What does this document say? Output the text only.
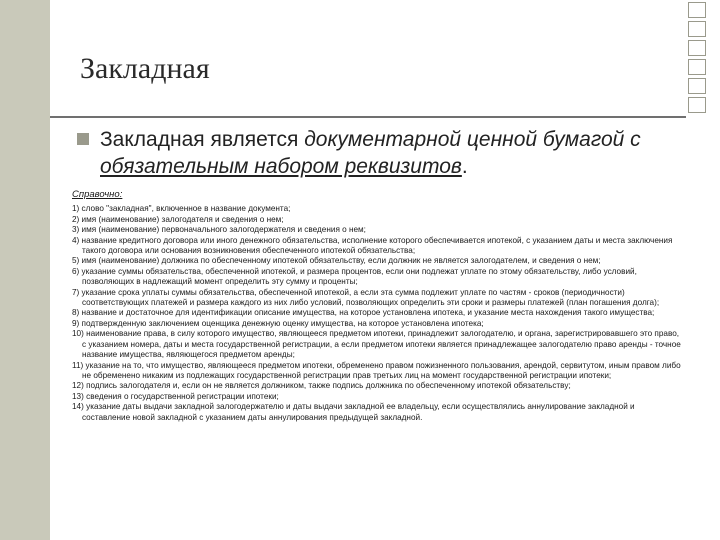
Закладная
Закладная является документарной ценной бумагой с обязательным набором реквизитов.
Справочно:
1) слово "закладная", включенное в название документа;
2) имя (наименование) залогодателя и сведения о нем;
3) имя (наименование) первоначального залогодержателя и сведения о нем;
4) название кредитного договора или иного денежного обязательства, исполнение которого обеспечивается ипотекой, с указанием даты и места заключения такого договора или основания возникновения обеспеченного ипотекой обязательства;
5) имя (наименование) должника по обеспеченному ипотекой обязательству, если должник не является залогодателем, и сведения о нем;
6) указание суммы обязательства, обеспеченной ипотекой, и размера процентов, если они подлежат уплате по этому обязательству, либо условий, позволяющих в надлежащий момент определить эту сумму и проценты;
7) указание срока уплаты суммы обязательства, обеспеченной ипотекой, а если эта сумма подлежит уплате по частям - сроков (периодичности) соответствующих платежей и размера каждого из них либо условий, позволяющих определить эти сроки и размеры платежей (план погашения долга);
8) название и достаточное для идентификации описание имущества, на которое установлена ипотека, и указание места нахождения такого имущества;
9) подтвержденную заключением оценщика денежную оценку имущества, на которое установлена ипотека;
10) наименование права, в силу которого имущество, являющееся предметом ипотеки, принадлежит залогодателю, и органа, зарегистрировавшего это право, с указанием номера, даты и места государственной регистрации, а если предметом ипотеки является принадлежащее залогодателю право аренды - точное название имущества, являющегося предметом аренды;
11) указание на то, что имущество, являющееся предметом ипотеки, обременено правом пожизненного пользования, арендой, сервитутом, иным правом либо не обременено никаким из подлежащих государственной регистрации прав третьих лиц на момент государственной регистрации ипотеки;
12) подпись залогодателя и, если он не является должником, также подпись должника по обеспеченному ипотекой обязательству;
13) сведения о государственной регистрации ипотеки;
14) указание даты выдачи закладной залогодержателю и даты выдачи закладной ее владельцу, если осуществлялись аннулирование закладной и составление новой закладной с указанием даты аннулирования предыдущей закладной.
